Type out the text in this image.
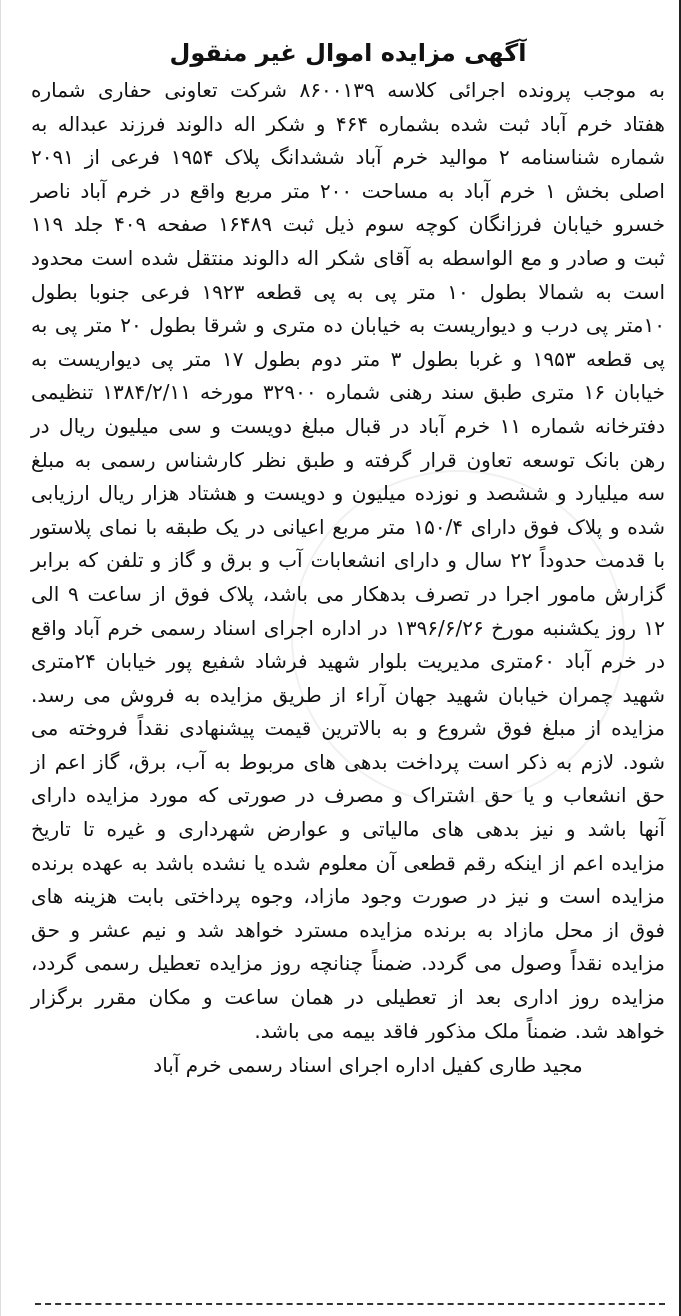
آگهی مزایده اموال غیر منقول

به موجب پرونده اجرائی کلاسه ۸۶۰۰۱۳۹ شرکت تعاونی حفاری شماره هفتاد خرم آباد ثبت شده بشماره ۴۶۴ و شکر اله دالوند فرزند عبداله به شماره شناسنامه ۲ موالید خرم آباد ششدانگ پلاک ۱۹۵۴ فرعی از ۲۰۹۱ اصلی بخش ۱ خرم آباد به مساحت ۲۰۰ متر مربع واقع در خرم آباد ناصر خسرو خیابان فرزانگان کوچه سوم ذیل ثبت ۱۶۴۸۹ صفحه ۴۰۹ جلد ۱۱۹ ثبت و صادر و مع الواسطه به آقای شکر اله دالوند منتقل شده است محدود است به شمالا بطول ۱۰ متر پی به پی قطعه ۱۹۲۳ فرعی جنوبا بطول ۱۰متر پی درب و دیواریست به خیابان ده متری و شرقا بطول ۲۰ متر پی به پی قطعه ۱۹۵۳ و غربا بطول ۳ متر دوم بطول ۱۷ متر پی دیواریست به خیابان ۱۶ متری طبق سند رهنی شماره ۳۲۹۰۰ مورخه ۱۳۸۴/۲/۱۱ تنظیمی دفترخانه شماره ۱۱ خرم آباد در قبال مبلغ دویست و سی میلیون ریال در رهن بانک توسعه تعاون قرار گرفته و طبق نظر کارشناس رسمی به مبلغ سه میلیارد و ششصد و نوزده میلیون و دویست و هشتاد هزار ریال ارزیابی شده و پلاک فوق دارای ۱۵۰/۴ متر مربع اعیانی در یک طبقه با نمای پلاستور با قدمت حدوداً ۲۲ سال و دارای انشعابات آب و برق و گاز و تلفن که برابر گزارش مامور اجرا در تصرف بدهکار می باشد، پلاک فوق از ساعت ۹ الی ۱۲ روز یکشنبه مورخ ۱۳۹۶/۶/۲۶ در اداره اجرای اسناد رسمی خرم آباد واقع در خرم آباد ۶۰متری مدیریت بلوار شهید فرشاد شفیع پور خیابان ۲۴متری شهید چمران خیابان شهید جهان آراء از طریق مزایده به فروش می رسد. مزایده از مبلغ فوق شروع و به بالاترین قیمت پیشنهادی نقداً فروخته می شود. لازم به ذکر است پرداخت بدهی های مربوط به آب، برق، گاز اعم از حق انشعاب و یا حق اشتراک و مصرف در صورتی که مورد مزایده دارای آنها باشد و نیز بدهی های مالیاتی و عوارض شهرداری و غیره تا تاریخ مزایده اعم از اینکه رقم قطعی آن معلوم شده یا نشده باشد به عهده برنده مزایده است و نیز در صورت وجود مازاد، وجوه پرداختی بابت هزینه های فوق از محل مازاد به برنده مزایده مسترد خواهد شد و نیم عشر و حق مزایده نقداً وصول می گردد. ضمناً چنانچه روز مزایده تعطیل رسمی گردد، مزایده روز اداری بعد از تعطیلی در همان ساعت و مکان مقرر برگزار خواهد شد. ضمناً ملک مذکور فاقد بیمه می باشد.

مجید طاری کفیل اداره اجرای اسناد رسمی خرم آباد
